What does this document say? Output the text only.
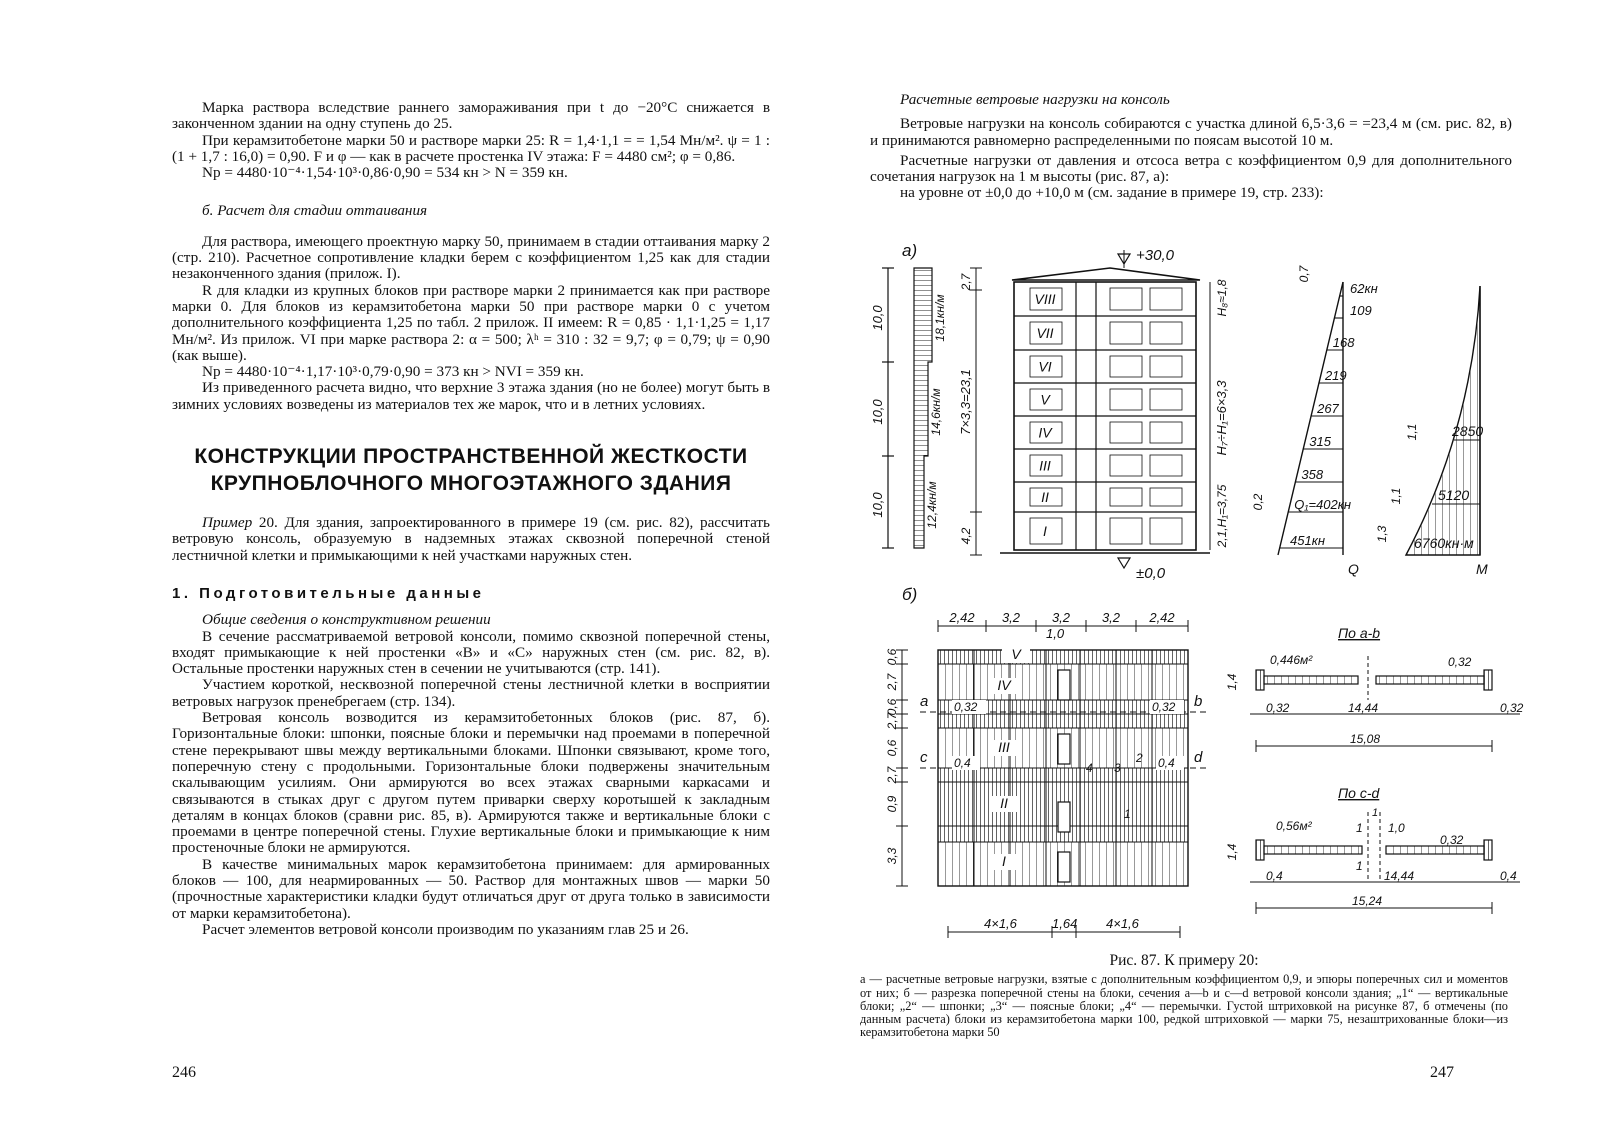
Марка раствора вследствие раннего замораживания при t до −20°С снижается в законченном здании на одну ступень до 25.

При керамзитобетоне марки 50 и растворе марки 25: R = 1,4·1,1 = = 1,54 Мн/м². ψ = 1 : (1 + 1,7 : 16,0) = 0,90. F и φ — как в расчете простенка IV этажа: F = 4480 см²; φ = 0,86.

Nр = 4480·10⁻⁴·1,54·10³·0,86·0,90 = 534 кн > N = 359 кн.

б. Расчет для стадии оттаивания

Для раствора, имеющего проектную марку 50, принимаем в стадии оттаивания марку 2 (стр. 210). Расчетное сопротивление кладки берем с коэффициентом 1,25 как для стадии незаконченного здания (прилож. I).

R для кладки из крупных блоков при растворе марки 2 принимается как при растворе марки 0. Для блоков из керамзитобетона марки 50 при растворе марки 0 с учетом дополнительного коэффициента 1,25 по табл. 2 прилож. II имеем: R = 0,85 · 1,1·1,25 = 1,17 Мн/м². Из прилож. VI при марке раствора 2: α = 500; λʰ = 310 : 32 = 9,7; φ = 0,79; ψ = 0,90 (как выше).

Nр = 4480·10⁻⁴·1,17·10³·0,79·0,90 = 373 кн > NVI = 359 кн.

Из приведенного расчета видно, что верхние 3 этажа здания (но не более) могут быть в зимних условиях возведены из материалов тех же марок, что и в летних условиях.

КОНСТРУКЦИИ ПРОСТРАНСТВЕННОЙ ЖЕСТКОСТИ
КРУПНОБЛОЧНОГО МНОГОЭТАЖНОГО ЗДАНИЯ

Пример 20. Для здания, запроектированного в примере 19 (см. рис. 82), рассчитать ветровую консоль, образуемую в надземных этажах сквозной поперечной стеной лестничной клетки и примыкающими к ней участками наружных стен.

1. Подготовительные данные

Общие сведения о конструктивном решении

В сечение рассматриваемой ветровой консоли, помимо сквозной поперечной стены, входят примыкающие к ней простенки «В» и «С» наружных стен (см. рис. 82, в). Остальные простенки наружных стен в сечении не учитываются (стр. 141).

Участием короткой, несквозной поперечной стены лестничной клетки в восприятии ветровых нагрузок пренебрегаем (стр. 134).

Ветровая консоль возводится из керамзитобетонных блоков (рис. 87, б). Горизонтальные блоки: шпонки, поясные блоки и перемычки над проемами в поперечной стене перекрывают швы между вертикальными блоками. Шпонки связывают, кроме того, поперечную стену с продольными. Горизонтальные блоки подвержены значительным скалывающим усилиям. Они армируются во всех этажах сварными каркасами и связываются в стыках друг с другом путем приварки сверху коротышей к закладным деталям в концах блоков (сравни рис. 85, в). Армируются также и вертикальные блоки с проемами в центре поперечной стены. Глухие вертикальные блоки и примыкающие к ним простеночные блоки не армируются.

В качестве минимальных марок керамзитобетона принимаем: для армированных блоков — 100, для неармированных — 50. Раствор для монтажных швов — марки 50 (прочностные характеристики кладки будут отличаться друг от друга только в зависимости от марки керамзитобетона).

Расчет элементов ветровой консоли производим по указаниям глав 25 и 26.

246

Расчетные ветровые нагрузки на консоль

Ветровые нагрузки на консоль собираются с участка длиной 6,5·3,6 = =23,4 м (см. рис. 82, в) и принимаются равномерно распределенными по поясам высотой 10 м.

Расчетные нагрузки от давления и отсоса ветра с коэффициентом 0,9 для дополнительного сочетания нагрузок на 1 м высоты (рис. 87, а):

на уровне от ±0,0 до +10,0 м (см. задание в примере 19, стр. 233):

247
а)
10,0
10,0
10,0
18,1кн/м
14,6кн/м
12,4кн/м
2,7
7×3,3=23,1
4,2
VIII
VII
VI
V
IV
III
II
I
+30,0
±0,0
H₈≈1,8
H₇÷H₁=6×3,3
2,1,H₁=3,75
62кн
109
168
219
267
315
358
Q₁=402кн
451кн
0,7
0,2
Q
2850
5120
6760кн·м
1,1
1,1
1,3
M
б)
2,42 3,2 3,2 3,2 2,42
1,0
V
IV
III
II
I
0,6
2,7
0,6
2,7
0,6
2,7
0,9
3,3
a	b
c	d
0,32	0,32
0,4	0,4
4 3
2
1
4×1,6	1,64 4×1,6
По a-b
0,446м²	0,32
1,4
0,32	14,44	0,32
15,08
По c-d
0,56м²	1,0
0,32
1
1
1
1,4
0,4	14,44	0,4
15,24
Рис. 87. К примеру 20:
а — расчетные ветровые нагрузки, взятые с дополнительным коэффициентом 0,9, и эпюры поперечных сил и моментов от них; б — разрезка поперечной стены на блоки, сечения а—b и с—d ветровой консоли здания; „1“ — вертикальные блоки; „2“ — шпонки; „3“ — поясные блоки; „4“ — перемычки. Густой штриховкой на рисунке 87, б отмечены (по данным расчета) блоки из керамзитобетона марки 100, редкой штриховкой — марки 75, незаштрихованные блоки—из керамзитобетона марки 50
